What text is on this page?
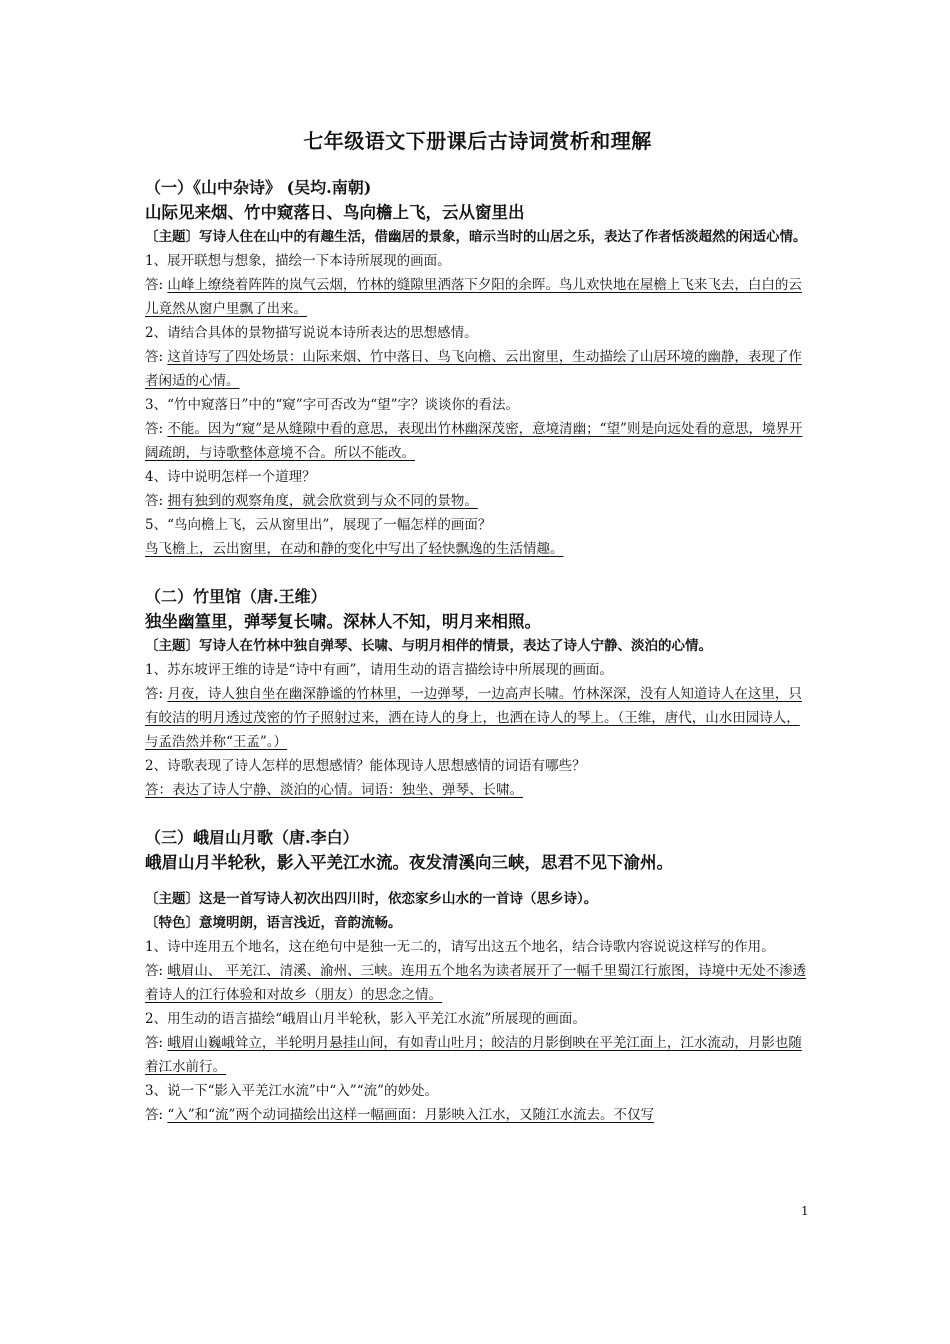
七年级语文下册课后古诗词赏析和理解

（一）《山中杂诗》 (吴均.南朝)

山际见来烟、竹中窥落日、鸟向檐上飞，云从窗里出

〔主题〕写诗人住在山中的有趣生活，借幽居的景象，暗示当时的山居之乐，表达了作者恬淡超然的闲适心情。

1、展开联想与想象，描绘一下本诗所展现的画面。

答: 山峰上缭绕着阵阵的岚气云烟，竹林的缝隙里洒落下夕阳的余晖。鸟儿欢快地在屋檐上飞来飞去，白白的云儿竟然从窗户里飘了出来。

2、请结合具体的景物描写说说本诗所表达的思想感情。

答: 这首诗写了四处场景：山际来烟、竹中落日、鸟飞向檐、云出窗里，生动描绘了山居环境的幽静，表现了作者闲适的心情。

3、“竹中窥落日”中的“窥”字可否改为“望”字？谈谈你的看法。

答: 不能。因为“窥”是从缝隙中看的意思，表现出竹林幽深茂密，意境清幽；“望”则是向远处看的意思，境界开阔疏朗，与诗歌整体意境不合。所以不能改。

4、诗中说明怎样一个道理？

答: 拥有独到的观察角度，就会欣赏到与众不同的景物。

5、“鸟向檐上飞，云从窗里出”，展现了一幅怎样的画面？

鸟飞檐上，云出窗里，在动和静的变化中写出了轻快飘逸的生活情趣。

（二）竹里馆（唐.王维）

独坐幽篁里，弹琴复长啸。深林人不知，明月来相照。

〔主题〕写诗人在竹林中独自弹琴、长啸、与明月相伴的情景，表达了诗人宁静、淡泊的心情。

1、苏东坡评王维的诗是“诗中有画”，请用生动的语言描绘诗中所展现的画面。

答: 月夜，诗人独自坐在幽深静谧的竹林里，一边弹琴，一边高声长啸。竹林深深，没有人知道诗人在这里，只有皎洁的明月透过茂密的竹子照射过来，洒在诗人的身上，也洒在诗人的琴上。（王维，唐代，山水田园诗人，与孟浩然并称“王孟”。）

2、诗歌表现了诗人怎样的思想感情？能体现诗人思想感情的词语有哪些？

答：表达了诗人宁静、淡泊的心情。词语：独坐、弹琴、长啸。

（三）峨眉山月歌（唐.李白）

峨眉山月半轮秋，影入平羌江水流。夜发清溪向三峡，思君不见下渝州。

〔主题〕这是一首写诗人初次出四川时，依恋家乡山水的一首诗（思乡诗）。

〔特色〕意境明朗，语言浅近，音韵流畅。

1、诗中连用五个地名，这在绝句中是独一无二的，请写出这五个地名，结合诗歌内容说说这样写的作用。

答: 峨眉山、 平羌江、清溪、渝州、三峡。连用五个地名为读者展开了一幅千里蜀江行旅图，诗境中无处不渗透着诗人的江行体验和对故乡（朋友）的思念之情。

2、用生动的语言描绘“峨眉山月半轮秋，影入平羌江水流”所展现的画面。

答: 峨眉山巍峨耸立，半轮明月悬挂山间，有如青山吐月；皎洁的月影倒映在平羌江面上，江水流动，月影也随着江水前行。

3、说一下“影入平羌江水流”中“入”“流”的妙处。

答: “入”和“流”两个动词描绘出这样一幅画面：月影映入江水，又随江水流去。不仅写

1
